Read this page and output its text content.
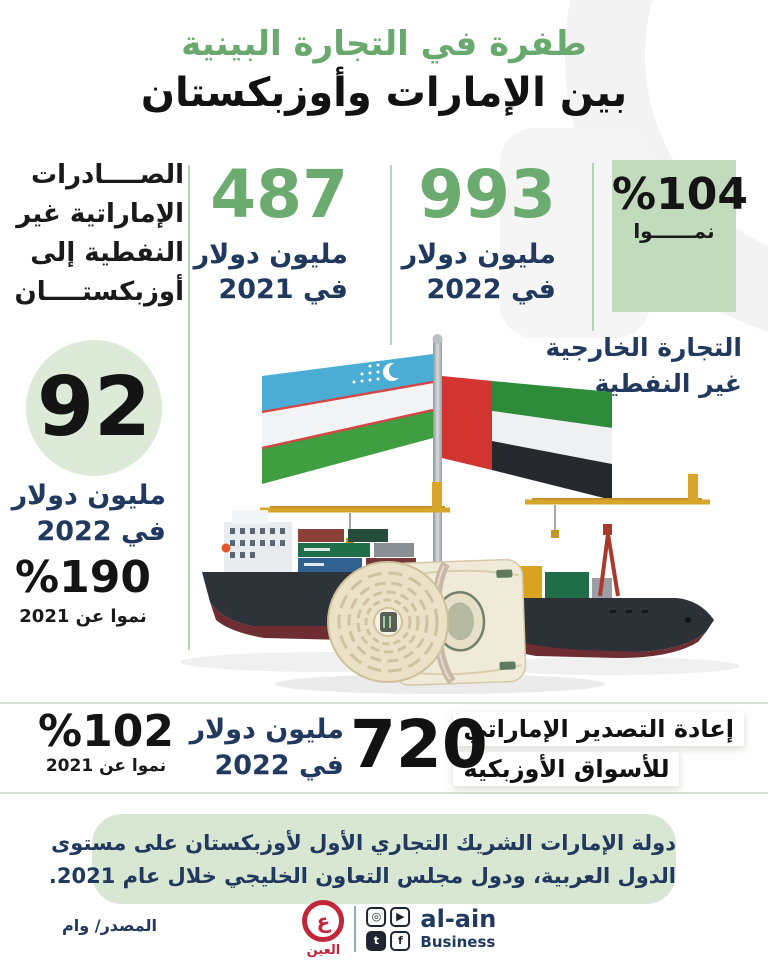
طفرة في التجارة البينية
بين الإمارات وأوزبكستان
الصــــادرات
الإماراتية غير
النفطية إلى
أوزبكستــــان
487
مليون دولار
في 2021
993
مليون دولار
في 2022
%104
نمــــــوا
التجارة الخارجية
غير النفطية
92
مليون دولار
في 2022
%190
نموا عن 2021
إعادة التصدير الإماراتي
للأسواق الأوزبكية
720
مليون دولار
في 2022
%102
نموا عن 2021
دولة الإمارات الشريك التجاري الأول لأوزبكستان على مستوى
الدول العربية، ودول مجلس التعاون الخليجي خلال عام 2021.
المصدر/ وام	ع
العين
◎	▶
t	f
al-ain
Business
